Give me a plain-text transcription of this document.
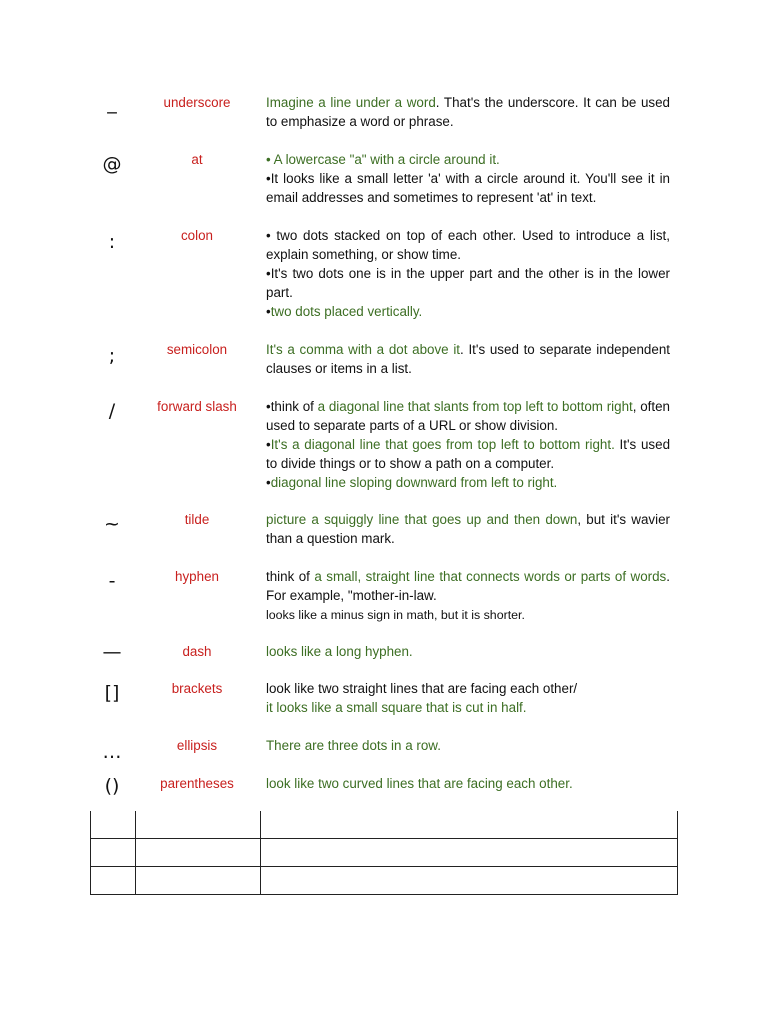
_	underscore	Imagine a line under a word. That's the underscore. It can be used to emphasize a word or phrase.

@	at	• A lowercase "a" with a circle around it.

•It looks like a small letter 'a' with a circle around it. You'll see it in email addresses and sometimes to represent 'at' in text.

:	colon	• two dots stacked on top of each other. Used to introduce a list, explain something, or show time.

•It's two dots one is in the upper part and the other is in the lower part.

•two dots placed vertically.

;	semicolon	It's a comma with a dot above it. It's used to separate independent clauses or items in a list.

/	forward slash	•think of a diagonal line that slants from top left to bottom right, often used to separate parts of a URL or show division.

•It's a diagonal line that goes from top left to bottom right. It's used to divide things or to show a path on a computer.

•diagonal line sloping downward from left to right.

~	tilde	picture a squiggly line that goes up and then down, but it's wavier than a question mark.

-	hyphen	think of a small, straight line that connects words or parts of words. For example, "mother-in-law.

looks like a minus sign in math, but it is shorter.

—	dash	looks like a long hyphen.

[]	brackets	look like two straight lines that are facing each other/

it looks like a small square that is cut in half.

…	ellipsis	There are three dots in a row.

()	parentheses	look like two curved lines that are facing each other.
